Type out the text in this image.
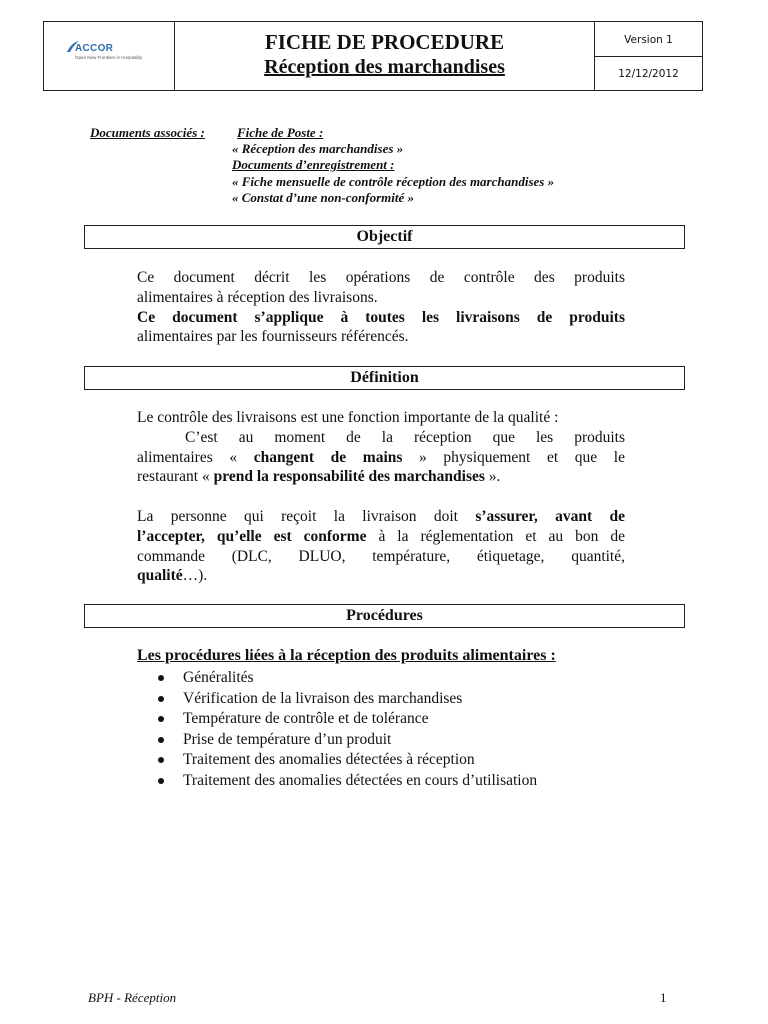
ACCOR
Open New Frontiers in Hospitality
FICHE DE PROCEDURE
Réception des marchandises
Version 1
12/12/2012
Documents associés : Fiche de Poste :
« Réception des marchandises »
Documents d’enregistrement :
« Fiche mensuelle de contrôle réception des marchandises »
« Constat d’une non-conformité »
Objectif
Ce document décrit les opérations de contrôle des produits
alimentaires à réception des livraisons.
Ce document s’applique à toutes les livraisons de produits
alimentaires par les fournisseurs référencés.
Définition
Le contrôle des livraisons est une fonction importante de la qualité :
C’est au moment de la réception que les produits
alimentaires « changent de mains » physiquement et que le
restaurant « prend la responsabilité des marchandises ».
La personne qui reçoit la livraison doit s’assurer, avant de
l’accepter, qu’elle est conforme à la réglementation et au bon de
commande (DLC, DLUO, température, étiquetage, quantité,
qualité…).
Procédures
Les procédures liées à la réception des produits alimentaires :
Généralités
Vérification de la livraison des marchandises
Température de contrôle et de tolérance
Prise de température d’un produit
Traitement des anomalies détectées à réception
Traitement des anomalies détectées en cours d’utilisation
BPH - Réception	1
